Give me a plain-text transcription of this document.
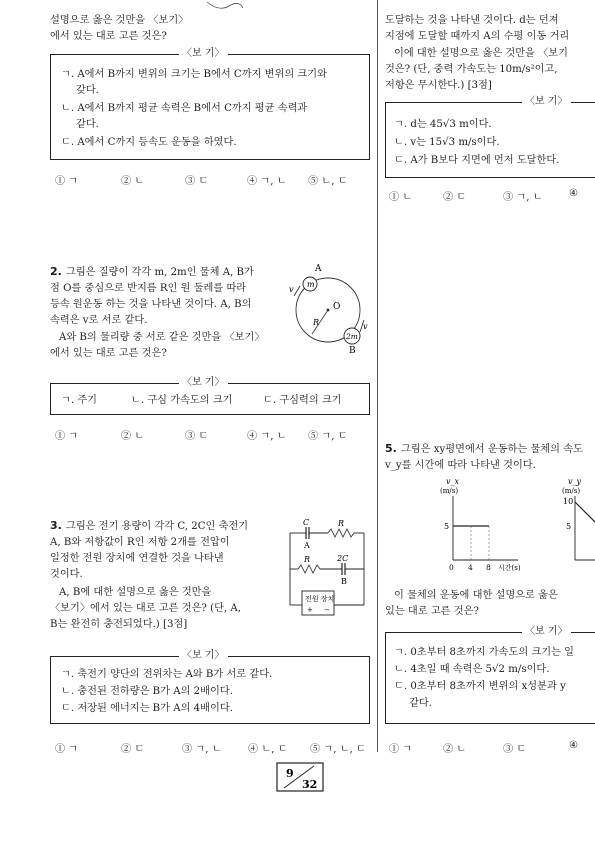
설명으로 옳은 것만을 〈보기〉
에서 있는 대로 고른 것은?
〈보 기〉
ㄱ. A에서 B까지 변위의 크기는 B에서 C까지 변위의 크기와
갖다.
ㄴ. A에서 B까지 평균 속력은 B에서 C까지 평균 속력과
같다.
ㄷ. A에서 C까지 등속도 운동을 하였다.
① ㄱ	② ㄴ	③ ㄷ	④ ㄱ, ㄴ ⑤ ㄴ, ㄷ
2. 그림은 질량이 각각 m, 2m인 물체 A, B가
점 O를 중심으로 반지름 R인 원 둘레를 따라
등속 원운동 하는 것을 나타낸 것이다. A, B의
속력은 v로 서로 같다.
A와 B의 물리량 중 서로 같은 것만을 〈보기〉
에서 있는 대로 고른 것은?
O
R
m
A
v
2m
B
v
〈보 기〉
ㄱ. 주기	ㄴ. 구심 가속도의 크기	ㄷ. 구심력의 크기
① ㄱ	② ㄴ	③ ㄷ	④ ㄱ, ㄴ ⑤ ㄱ, ㄷ
3. 그림은 전기 용량이 각각 C, 2C인 축전기
A, B와 저항값이 R인 저항 2개를 전압이
일정한 전원 장치에 연결한 것을 나타낸
것이다.
A, B에 대한 설명으로 옳은 것만을
〈보기〉에서 있는 대로 고른 것은? (단, A,
B는 완전히 충전되었다.) [3점]
C
A
R
R	2C
B
전원 장치
+ −
〈보 기〉
ㄱ. 축전기 양단의 전위차는 A와 B가 서로 같다.
ㄴ. 충전된 전하량은 B가 A의 2배이다.
ㄷ. 저장된 에너지는 B가 A의 4배이다.
① ㄱ	② ㄷ	③ ㄱ, ㄴ	④ ㄴ, ㄷ ⑤ ㄱ, ㄴ, ㄷ
도달하는 것을 나타낸 것이다. d는 던져
지점에 도달할 때까지 A의 수평 이동 거리
이에 대한 설명으로 옳은 것만을 〈보기
것은? (단, 중력 가속도는 10m/s²이고,
저항은 무시한다.) [3점]
〈보 기〉
ㄱ. d는 45√3 m이다.
ㄴ. v는 15√3 m/s이다.
ㄷ. A가 B보다 지면에 먼저 도달한다.
① ㄴ	② ㄷ	③ ㄱ, ㄴ	④
5. 그림은 xy평면에서 운동하는 물체의 속도
v_y를 시간에 따라 나타낸 것이다.
v_x
(m/s)
5
0 4 8 시간(s)
v_y
(m/s)
10
5
이 물체의 운동에 대한 설명으로 옳은
있는 대로 고른 것은?
〈보 기〉
ㄱ. 0초부터 8초까지 가속도의 크기는 일
ㄴ. 4초일 때 속력은 5√2 m/s이다.
ㄷ. 0초부터 8초까지 변위의 x성분과 y
같다.
① ㄱ	② ㄴ	③ ㄷ	④
9
32
